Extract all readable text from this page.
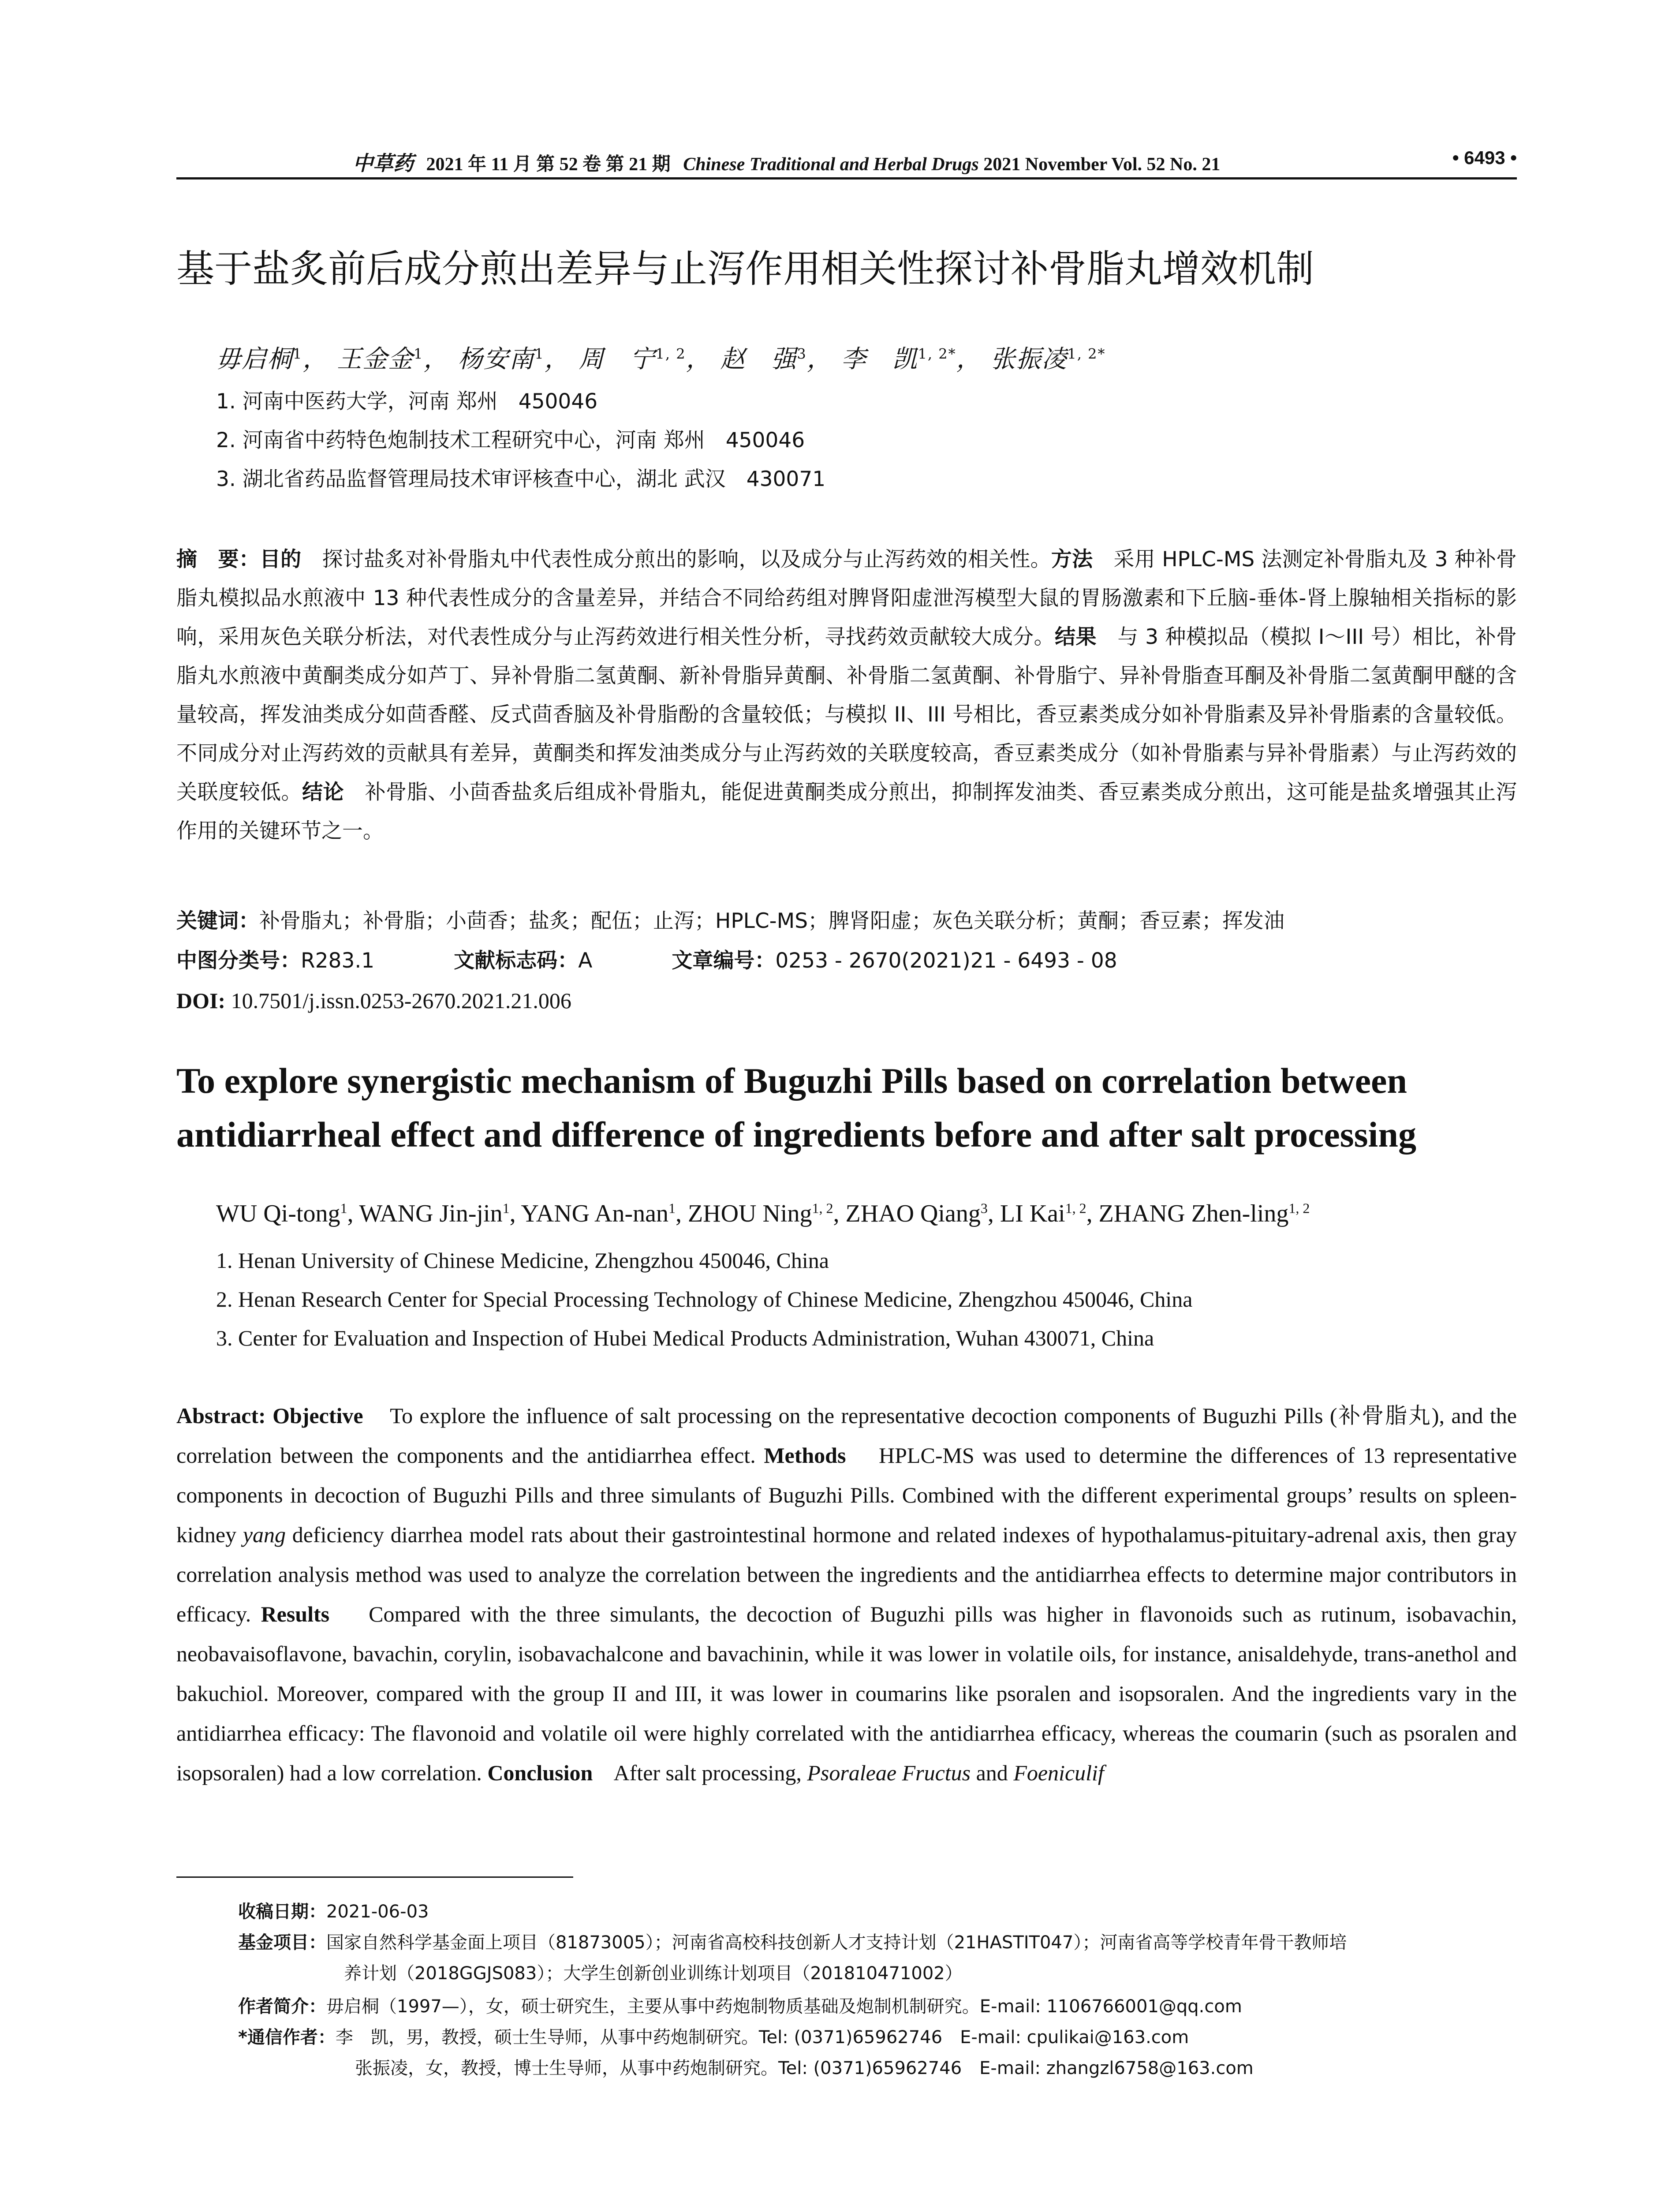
中草药 2021 年 11 月 第 52 卷 第 21 期 Chinese Traditional and Herbal Drugs 2021 November Vol. 52 No. 21	• 6493 •
基于盐炙前后成分煎出差异与止泻作用相关性探讨补骨脂丸增效机制
毋启桐$^1$， 王金金$^1$， 杨安南$^1$， 周　宁$^{1, 2}$， 赵　强$^3$， 李　凯$^{1, 2*}$， 张振凌$^{1, 2*}$
1. 河南中医药大学，河南 郑州　450046
2. 河南省中药特色炮制技术工程研究中心，河南 郑州　450046
3. 湖北省药品监督管理局技术审评核查中心，湖北 武汉　430071
摘　要：目的　 探讨盐炙对补骨脂丸中代表性成分煎出的影响，以及成分与止泻药效的相关性。方法　 采用 HPLC-MS 法测定补骨脂丸及 3 种补骨脂丸模拟品水煎液中 13 种代表性成分的含量差异，并结合不同给药组对脾肾阳虚泄泻模型大鼠的胃肠激素和下丘脑-垂体-肾上腺轴相关指标的影响，采用灰色关联分析法，对代表性成分与止泻药效进行相关性分析，寻找药效贡献较大成分。结果　 与 3 种模拟品（模拟 I～III 号）相比，补骨脂丸水煎液中黄酮类成分如芦丁、异补骨脂二氢黄酮、新补骨脂异黄酮、补骨脂二氢黄酮、补骨脂宁、异补骨脂查耳酮及补骨脂二氢黄酮甲醚的含量较高，挥发油类成分如茴香醛、反式茴香脑及补骨脂酚的含量较低；与模拟 II、III 号相比，香豆素类成分如补骨脂素及异补骨脂素的含量较低。不同成分对止泻药效的贡献具有差异，黄酮类和挥发油类成分与止泻药效的关联度较高，香豆素类成分（如补骨脂素与异补骨脂素）与止泻药效的关联度较低。结论　 补骨脂、小茴香盐炙后组成补骨脂丸，能促进黄酮类成分煎出，抑制挥发油类、香豆素类成分煎出，这可能是盐炙增强其止泻作用的关键环节之一。
关键词：补骨脂丸；补骨脂；小茴香；盐炙；配伍；止泻；HPLC-MS；脾肾阳虚；灰色关联分析；黄酮；香豆素；挥发油
中图分类号：R283.1	文献标志码：A	文章编号：0253 - 2670(2021)21 - 6493 - 08
DOI: 10.7501/j.issn.0253-2670.2021.21.006
To explore synergistic mechanism of Buguzhi Pills based on correlation between antidiarrheal effect and difference of ingredients before and after salt processing
WU Qi-tong$^1$, WANG Jin-jin$^1$, YANG An-nan$^1$, ZHOU Ning$^{1, 2}$, ZHAO Qiang$^3$, LI Kai$^{1, 2}$, ZHANG Zhen-ling$^{1, 2}$
1. Henan University of Chinese Medicine, Zhengzhou 450046, China
2. Henan Research Center for Special Processing Technology of Chinese Medicine, Zhengzhou 450046, China
3. Center for Evaluation and Inspection of Hubei Medical Products Administration, Wuhan 430071, China
Abstract: Objective To explore the influence of salt processing on the representative decoction components of Buguzhi Pills (补骨脂丸), and the correlation between the components and the antidiarrhea effect. Methods HPLC-MS was used to determine the differences of 13 representative components in decoction of Buguzhi Pills and three simulants of Buguzhi Pills. Combined with the different experimental groups’ results on spleen-kidney yang deficiency diarrhea model rats about their gastrointestinal hormone and related indexes of hypothalamus-pituitary-adrenal axis, then gray correlation analysis method was used to analyze the correlation between the ingredients and the antidiarrhea effects to determine major contributors in efficacy. Results Compared with the three simulants, the decoction of Buguzhi pills was higher in flavonoids such as rutinum, isobavachin, neobavaisoflavone, bavachin, corylin, isobavachalcone and bavachinin, while it was lower in volatile oils, for instance, anisaldehyde, trans-anethol and bakuchiol. Moreover, compared with the group II and III, it was lower in coumarins like psoralen and isopsoralen. And the ingredients vary in the antidiarrhea efficacy: The flavonoid and volatile oil were highly correlated with the antidiarrhea efficacy, whereas the coumarin (such as psoralen and isopsoralen) had a low correlation. Conclusion After salt processing, Psoraleae Fructus and Foeniculif
收稿日期：2021-06-03
基金项目：国家自然科学基金面上项目（81873005）；河南省高校科技创新人才支持计划（21HASTIT047）；河南省高等学校青年骨干教师培
养计划（2018GGJS083）；大学生创新创业训练计划项目（201810471002）
作者简介：毋启桐（1997—），女，硕士研究生，主要从事中药炮制物质基础及炮制机制研究。E-mail: 1106766001@qq.com
*通信作者：李　凯，男，教授，硕士生导师，从事中药炮制研究。Tel: (0371)65962746　E-mail: cpulikai@163.com
张振凌，女，教授，博士生导师，从事中药炮制研究。Tel: (0371)65962746　E-mail: zhangzl6758@163.com
